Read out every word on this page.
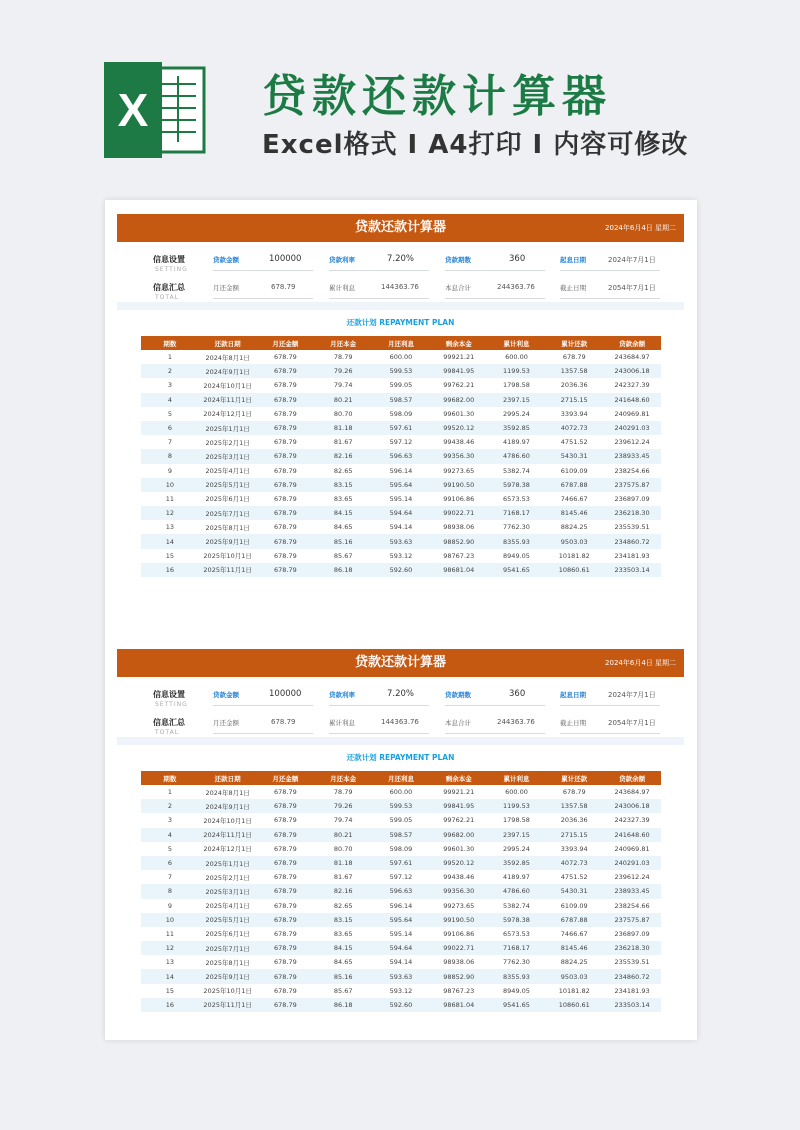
X	贷款还款计算器
Excel格式 I A4打印 I 内容可修改
贷款还款计算器	2024年6月4日 星期二
信息设置
SETTING
贷款金额	100000	贷款利率	7.20%	贷款期数	360	起息日期	2024年7月1日
信息汇总
TOTAL
月还金额	678.79	累计利息	144363.76	本息合计	244363.76	截止日期	2054年7月1日
还款计划 REPAYMENT PLAN
期数	还款日期	月还金额	月还本金	月还利息	剩余本金	累计利息	累计还款	贷款余额
1	2024年8月1日	678.79	78.79	600.00	99921.21	600.00	678.79	243684.97
2	2024年9月1日	678.79	79.26	599.53	99841.95	1199.53	1357.58	243006.18
3	2024年10月1日	678.79	79.74	599.05	99762.21	1798.58	2036.36	242327.39
4	2024年11月1日	678.79	80.21	598.57	99682.00	2397.15	2715.15	241648.60
5	2024年12月1日	678.79	80.70	598.09	99601.30	2995.24	3393.94	240969.81
6	2025年1月1日	678.79	81.18	597.61	99520.12	3592.85	4072.73	240291.03
7	2025年2月1日	678.79	81.67	597.12	99438.46	4189.97	4751.52	239612.24
8	2025年3月1日	678.79	82.16	596.63	99356.30	4786.60	5430.31	238933.45
9	2025年4月1日	678.79	82.65	596.14	99273.65	5382.74	6109.09	238254.66
10	2025年5月1日	678.79	83.15	595.64	99190.50	5978.38	6787.88	237575.87
11	2025年6月1日	678.79	83.65	595.14	99106.86	6573.53	7466.67	236897.09
12	2025年7月1日	678.79	84.15	594.64	99022.71	7168.17	8145.46	236218.30
13	2025年8月1日	678.79	84.65	594.14	98938.06	7762.30	8824.25	235539.51
14	2025年9月1日	678.79	85.16	593.63	98852.90	8355.93	9503.03	234860.72
15	2025年10月1日	678.79	85.67	593.12	98767.23	8949.05	10181.82	234181.93
16	2025年11月1日	678.79	86.18	592.60	98681.04	9541.65	10860.61	233503.14
贷款还款计算器	2024年6月4日 星期二
信息设置
SETTING
贷款金额	100000	贷款利率	7.20%	贷款期数	360	起息日期	2024年7月1日
信息汇总
TOTAL
月还金额	678.79	累计利息	144363.76	本息合计	244363.76	截止日期	2054年7月1日
还款计划 REPAYMENT PLAN
期数	还款日期	月还金额	月还本金	月还利息	剩余本金	累计利息	累计还款	贷款余额
1	2024年8月1日	678.79	78.79	600.00	99921.21	600.00	678.79	243684.97
2	2024年9月1日	678.79	79.26	599.53	99841.95	1199.53	1357.58	243006.18
3	2024年10月1日	678.79	79.74	599.05	99762.21	1798.58	2036.36	242327.39
4	2024年11月1日	678.79	80.21	598.57	99682.00	2397.15	2715.15	241648.60
5	2024年12月1日	678.79	80.70	598.09	99601.30	2995.24	3393.94	240969.81
6	2025年1月1日	678.79	81.18	597.61	99520.12	3592.85	4072.73	240291.03
7	2025年2月1日	678.79	81.67	597.12	99438.46	4189.97	4751.52	239612.24
8	2025年3月1日	678.79	82.16	596.63	99356.30	4786.60	5430.31	238933.45
9	2025年4月1日	678.79	82.65	596.14	99273.65	5382.74	6109.09	238254.66
10	2025年5月1日	678.79	83.15	595.64	99190.50	5978.38	6787.88	237575.87
11	2025年6月1日	678.79	83.65	595.14	99106.86	6573.53	7466.67	236897.09
12	2025年7月1日	678.79	84.15	594.64	99022.71	7168.17	8145.46	236218.30
13	2025年8月1日	678.79	84.65	594.14	98938.06	7762.30	8824.25	235539.51
14	2025年9月1日	678.79	85.16	593.63	98852.90	8355.93	9503.03	234860.72
15	2025年10月1日	678.79	85.67	593.12	98767.23	8949.05	10181.82	234181.93
16	2025年11月1日	678.79	86.18	592.60	98681.04	9541.65	10860.61	233503.14
